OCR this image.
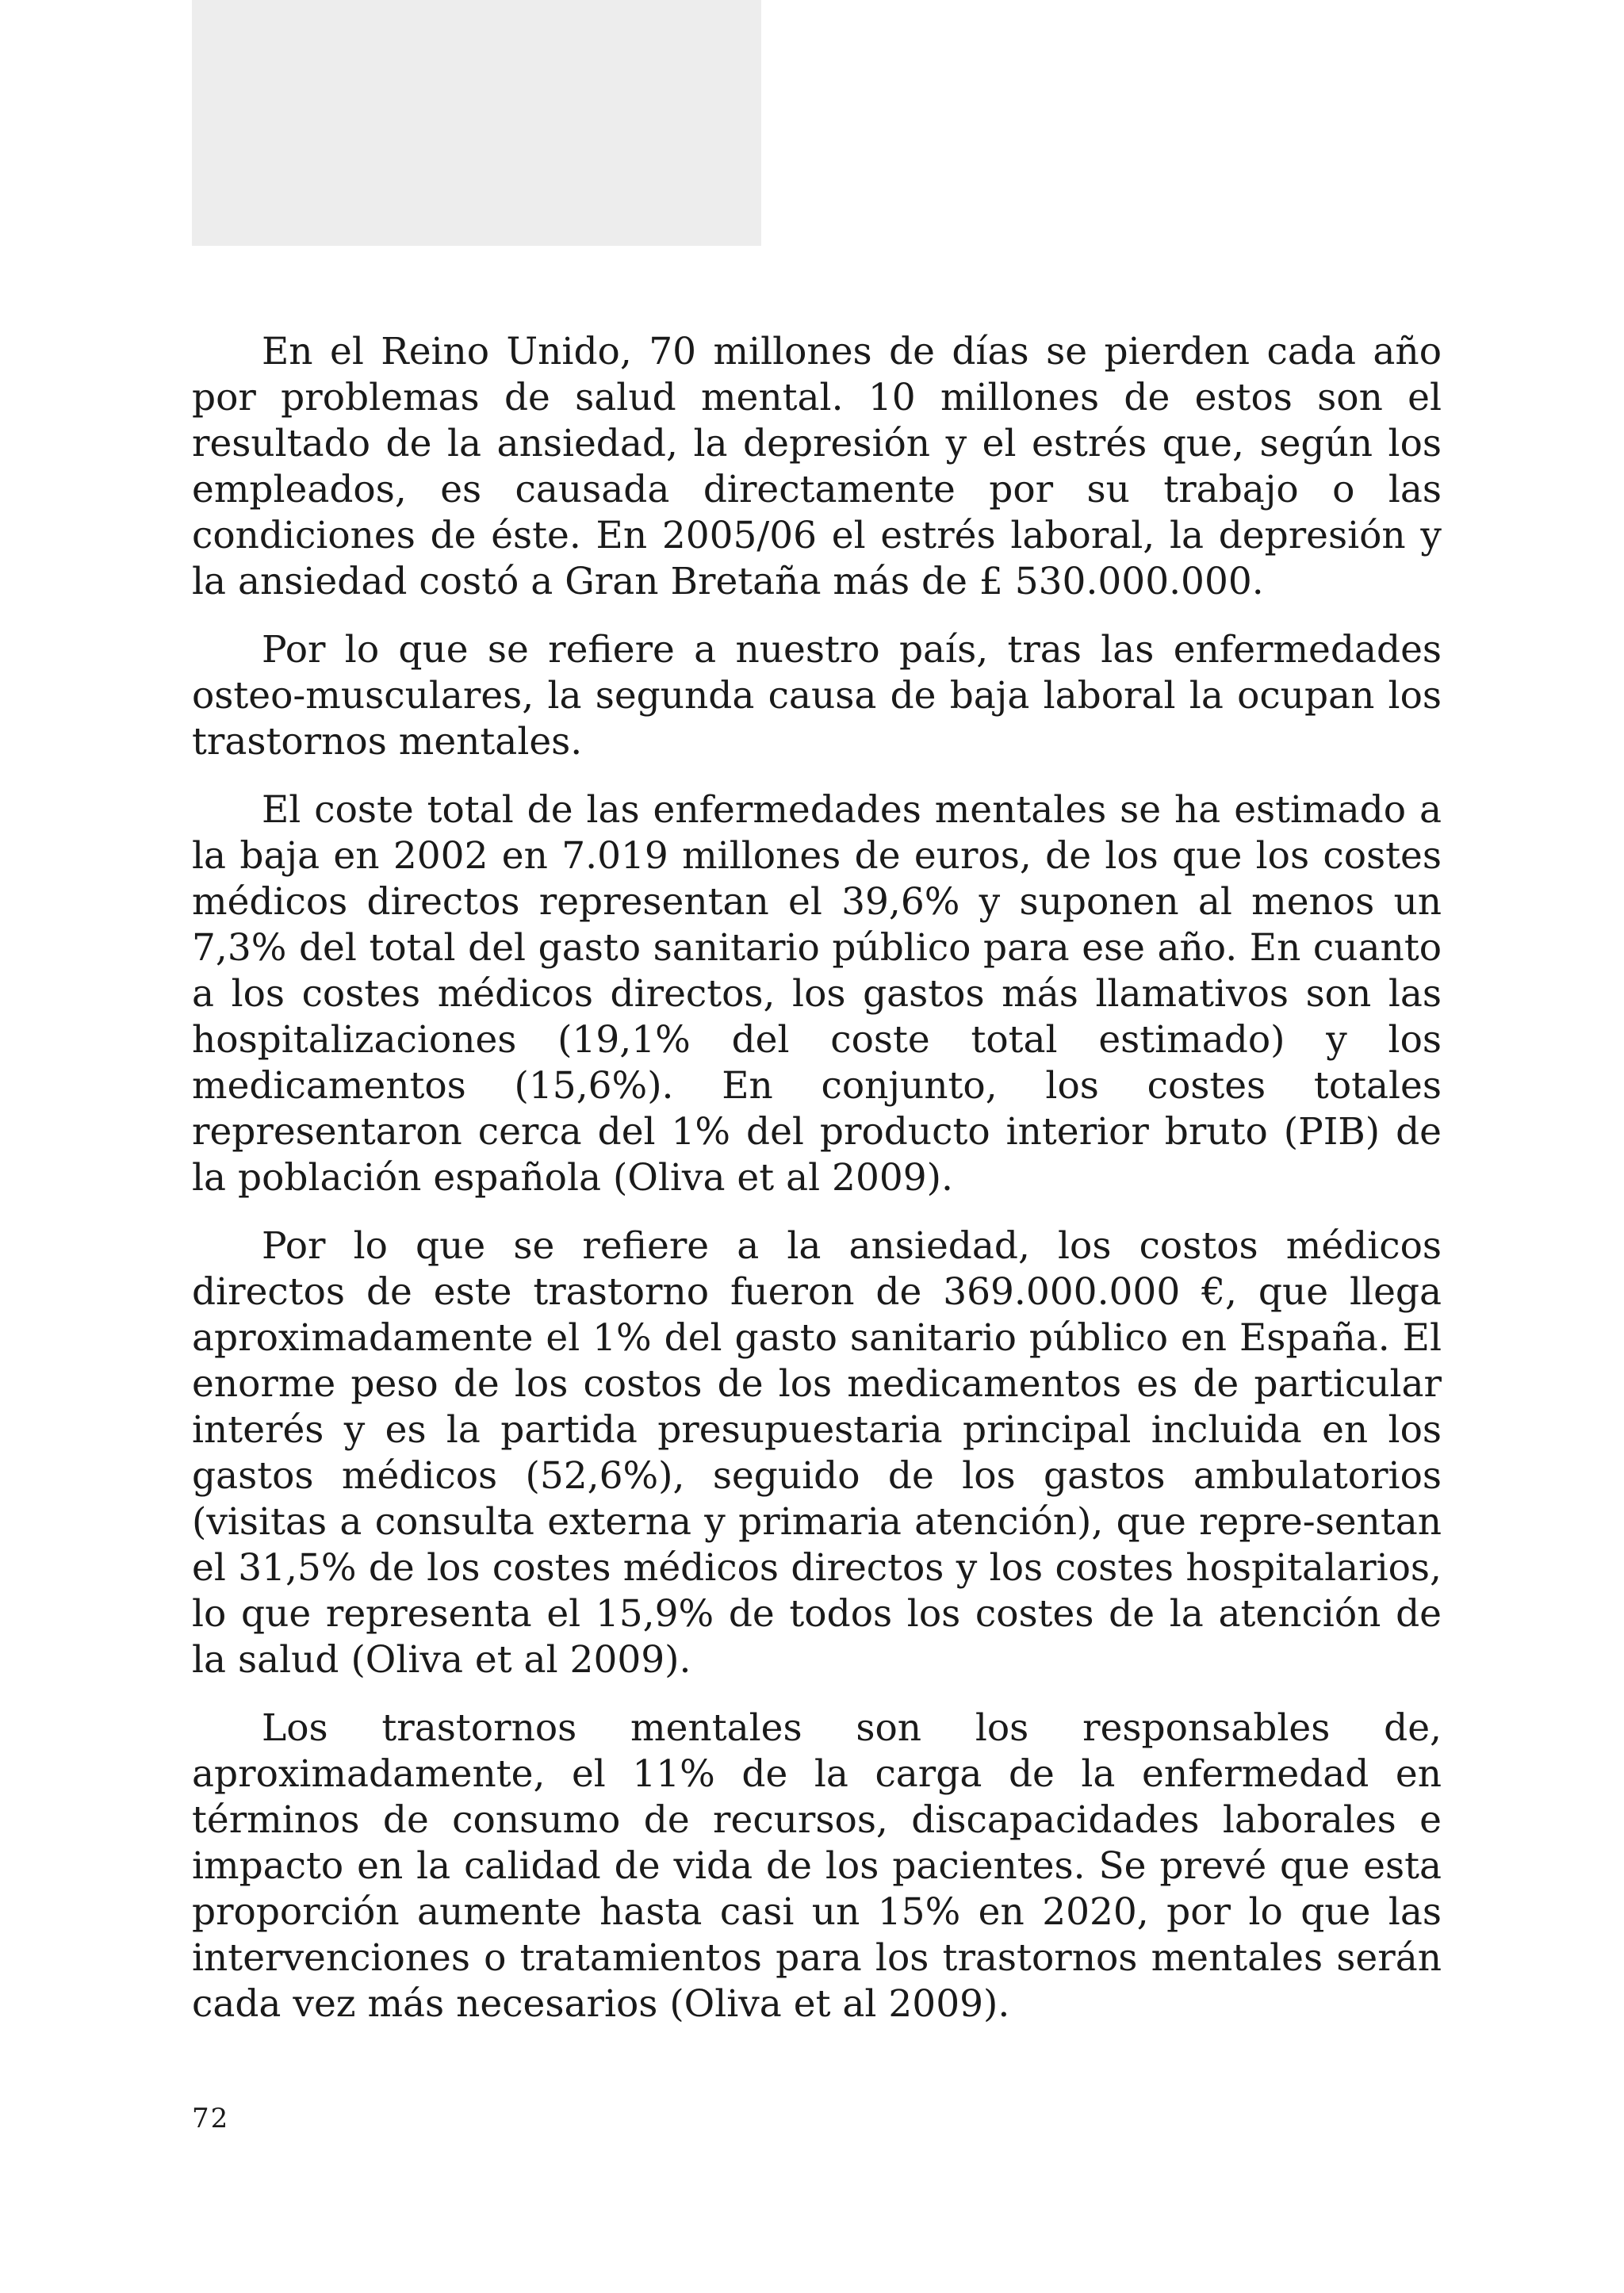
En el Reino Unido, 70 millones de días se pierden cada año por problemas de salud mental. 10 millones de estos son el resultado de la ansiedad, la depresión y el estrés que, según los empleados, es causada directamente por su trabajo o las condiciones de éste. En 2005/06 el estrés laboral, la depresión y la ansiedad costó a Gran Bretaña más de £ 530.000.000.

Por lo que se refiere a nuestro país, tras las enfermedades osteo-musculares, la segunda causa de baja laboral la ocupan los trastornos mentales.

El coste total de las enfermedades mentales se ha estimado a la baja en 2002 en 7.019 millones de euros, de los que los costes médicos directos representan el 39,6% y suponen al menos un 7,3% del total del gasto sanitario público para ese año. En cuanto a los costes médicos directos, los gastos más llamativos son las hospitalizaciones (19,1% del coste total estimado) y los medicamentos (15,6%). En conjunto, los costes totales representaron cerca del 1% del producto interior bruto (PIB) de la población española (Oliva et al 2009).

Por lo que se refiere a la ansiedad, los costos médicos directos de este trastorno fueron de 369.000.000 €, que llega aproximadamente el 1% del gasto sanitario público en España. El enorme peso de los costos de los medicamentos es de particular interés y es la partida presupuestaria principal incluida en los gastos médicos (52,6%), seguido de los gastos ambulatorios (visitas a consulta externa y primaria atención), que repre-sentan el 31,5% de los costes médicos directos y los costes hospitalarios, lo que representa el 15,9% de todos los costes de la atención de la salud (Oliva et al 2009).

Los trastornos mentales son los responsables de, aproximadamente, el 11% de la carga de la enfermedad en términos de consumo de recursos, discapacidades laborales e impacto en la calidad de vida de los pacientes. Se prevé que esta proporción aumente hasta casi un 15% en 2020, por lo que las intervenciones o tratamientos para los trastornos mentales serán cada vez más necesarios (Oliva et al 2009).

72
